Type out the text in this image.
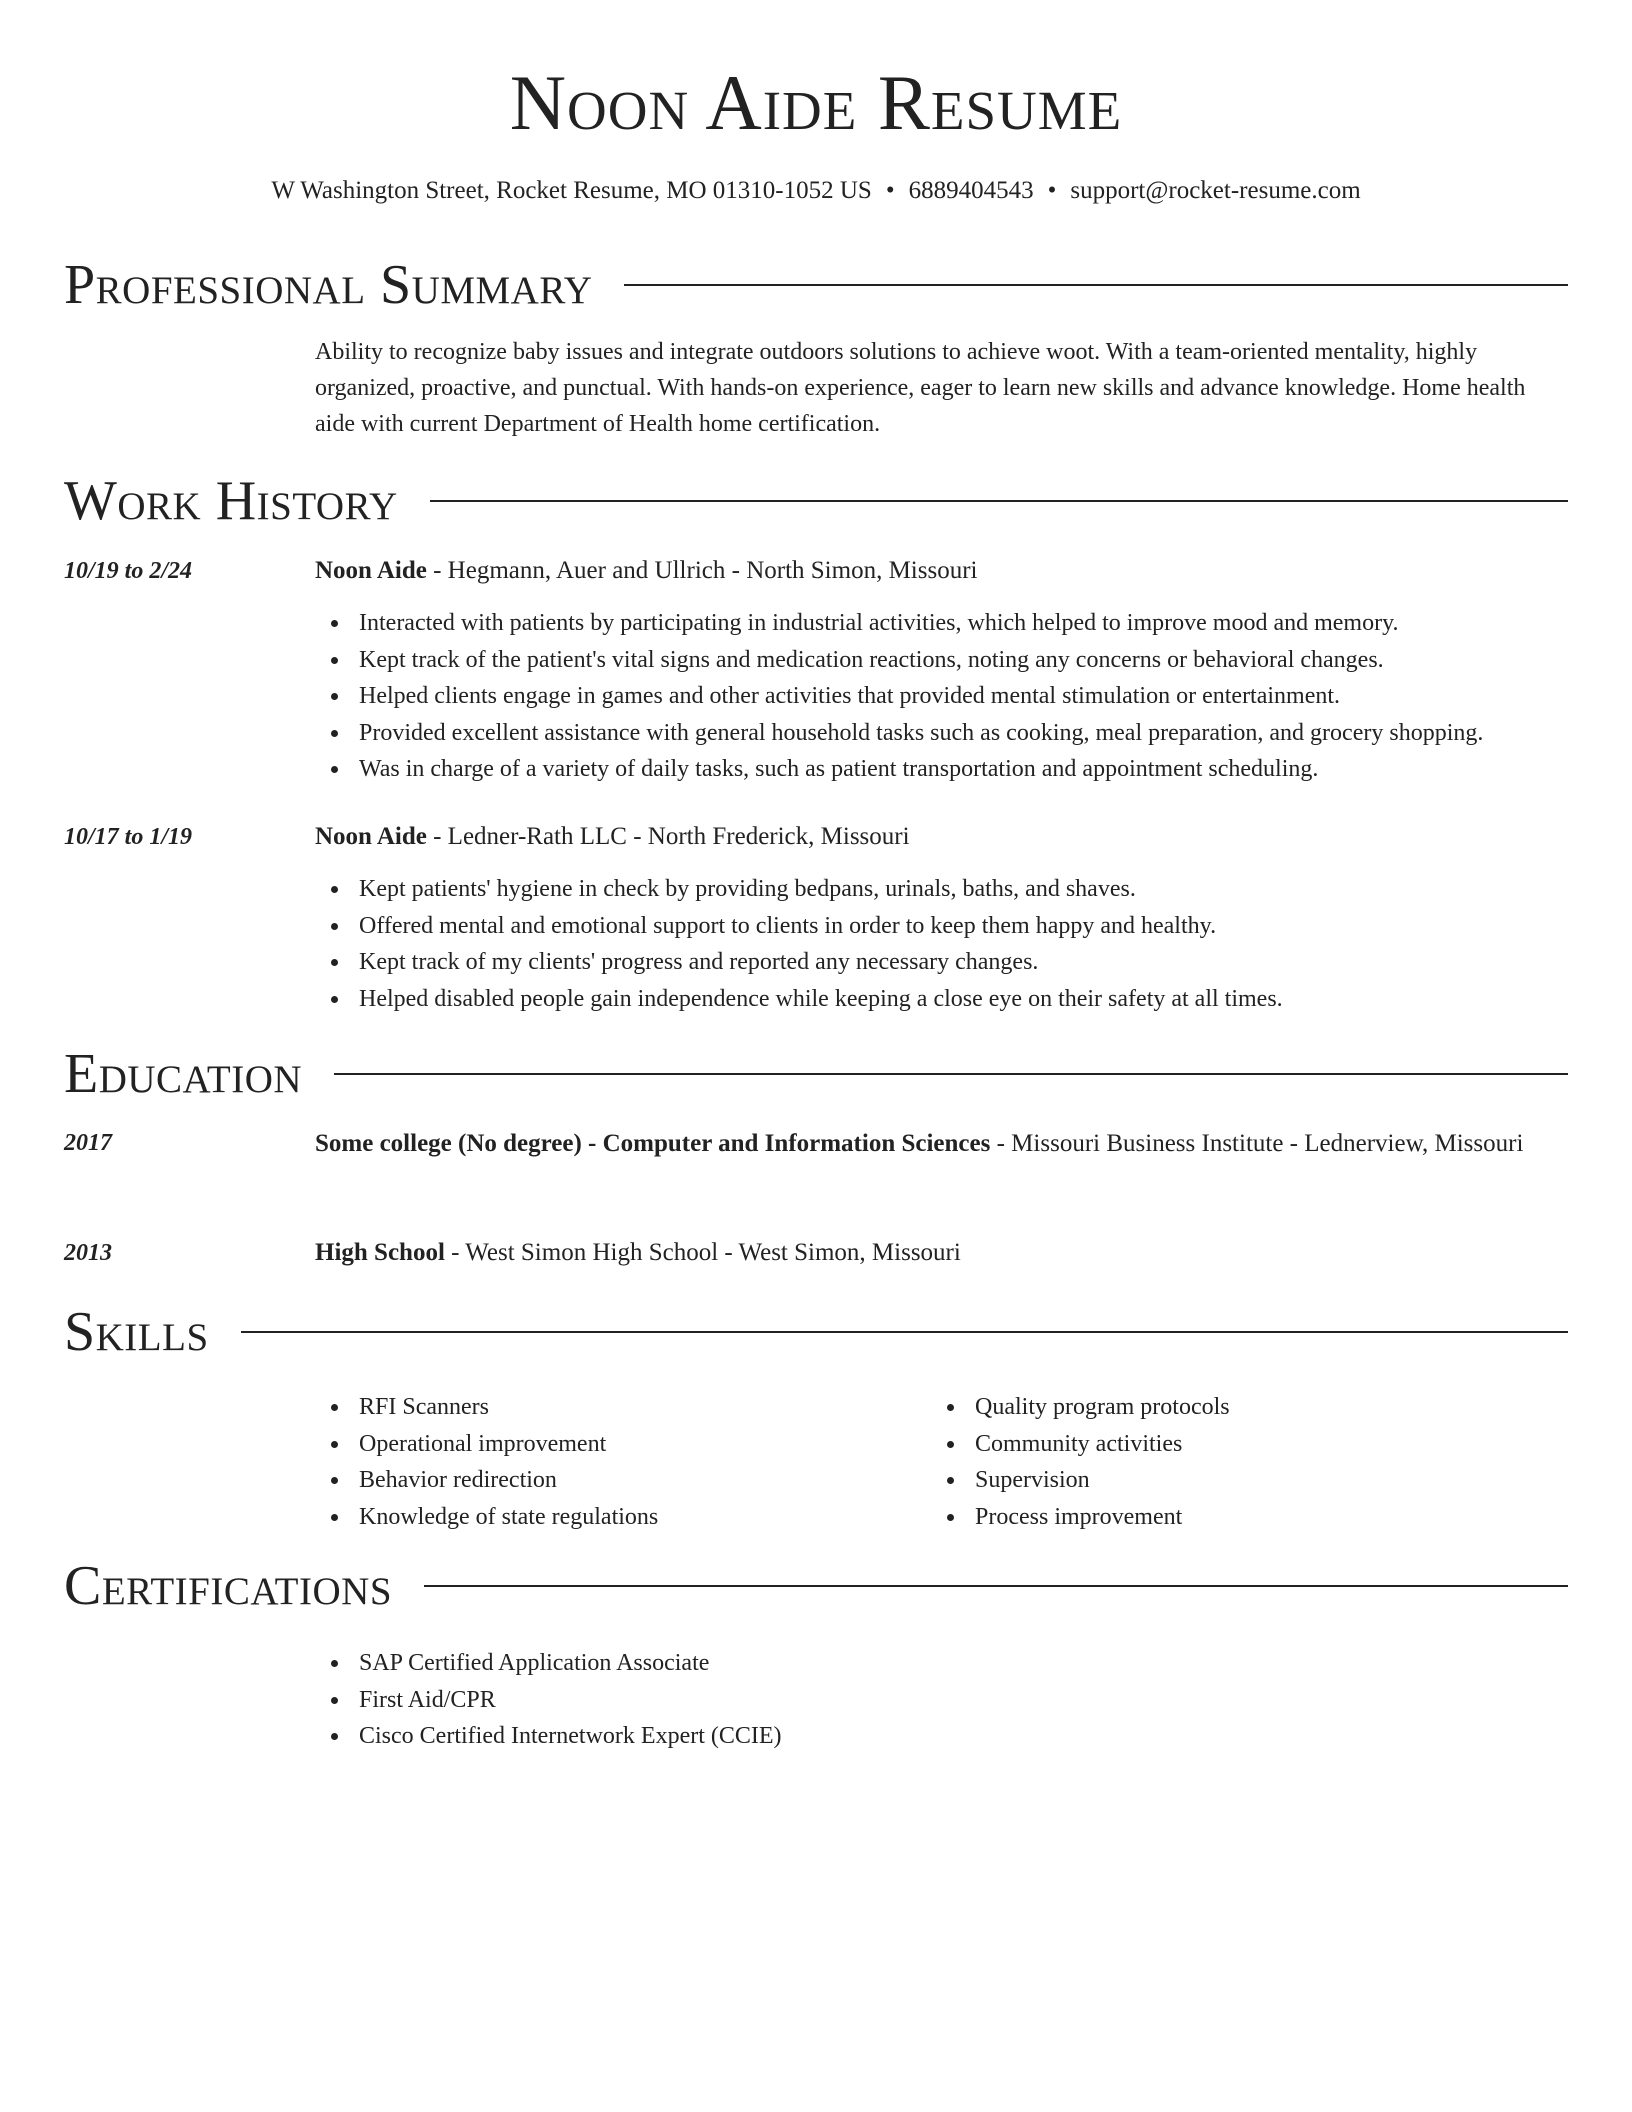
Noon Aide Resume
W Washington Street, Rocket Resume, MO 01310-1052 US • 6889404543 • support@rocket-resume.com
Professional Summary
Ability to recognize baby issues and integrate outdoors solutions to achieve woot. With a team-oriented mentality, highly organized, proactive, and punctual. With hands-on experience, eager to learn new skills and advance knowledge. Home health aide with current Department of Health home certification.
Work History
10/19 to 2/24	Noon Aide - Hegmann, Auer and Ullrich - North Simon, Missouri
Interacted with patients by participating in industrial activities, which helped to improve mood and memory.
Kept track of the patient's vital signs and medication reactions, noting any concerns or behavioral changes.
Helped clients engage in games and other activities that provided mental stimulation or entertainment.
Provided excellent assistance with general household tasks such as cooking, meal preparation, and grocery shopping.
Was in charge of a variety of daily tasks, such as patient transportation and appointment scheduling.
10/17 to 1/19	Noon Aide - Ledner-Rath LLC - North Frederick, Missouri
Kept patients' hygiene in check by providing bedpans, urinals, baths, and shaves.
Offered mental and emotional support to clients in order to keep them happy and healthy.
Kept track of my clients' progress and reported any necessary changes.
Helped disabled people gain independence while keeping a close eye on their safety at all times.
Education
2017	Some college (No degree) - Computer and Information Sciences - Missouri Business Institute - Lednerview, Missouri
2013	High School - West Simon High School - West Simon, Missouri
Skills
RFI Scanners
Operational improvement
Behavior redirection
Knowledge of state regulations
Quality program protocols
Community activities
Supervision
Process improvement
Certifications
SAP Certified Application Associate
First Aid/CPR
Cisco Certified Internetwork Expert (CCIE)
